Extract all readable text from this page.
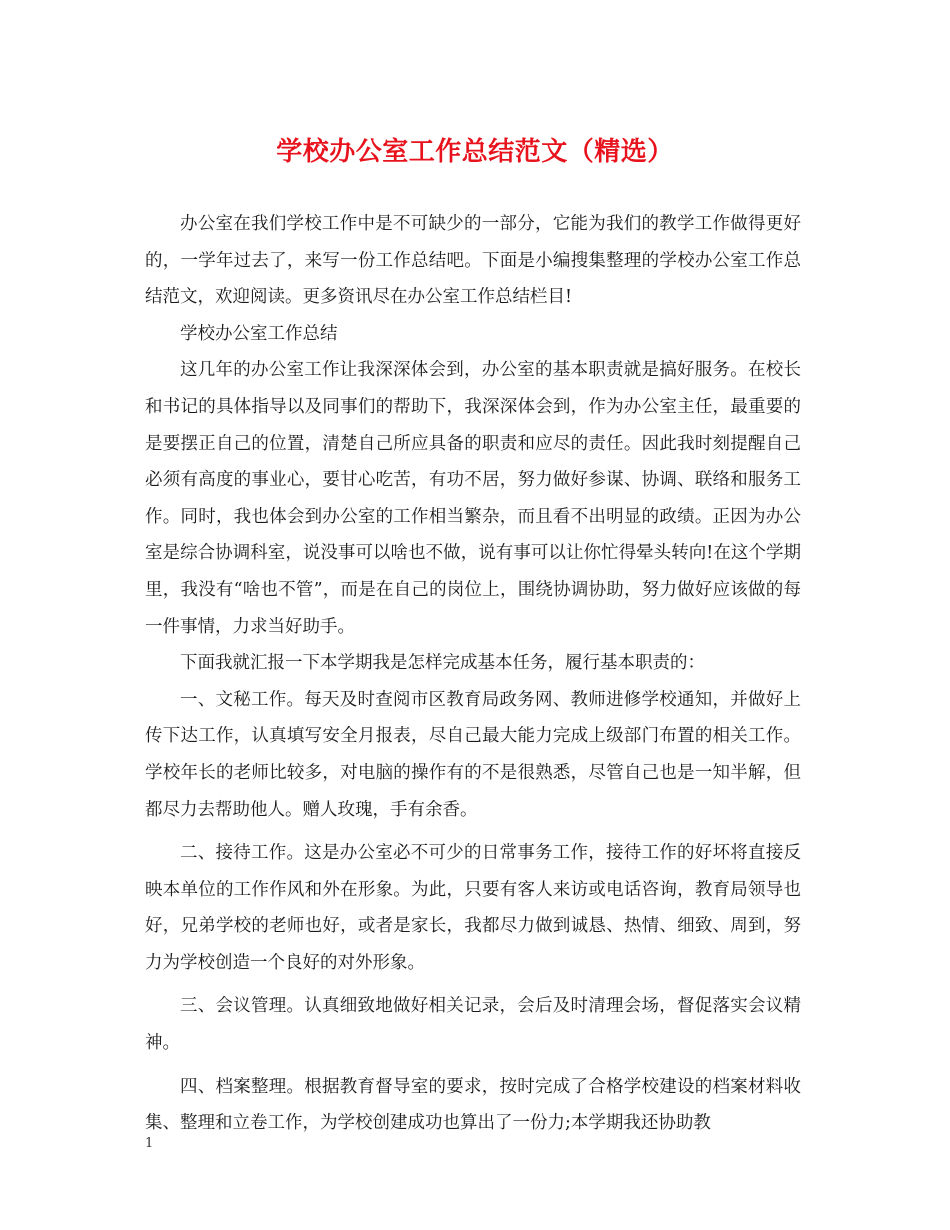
学校办公室工作总结范文（精选）

办公室在我们学校工作中是不可缺少的一部分，它能为我们的教学工作做得更好的，一学年过去了，来写一份工作总结吧。下面是小编搜集整理的学校办公室工作总结范文，欢迎阅读。更多资讯尽在办公室工作总结栏目!

学校办公室工作总结

这几年的办公室工作让我深深体会到，办公室的基本职责就是搞好服务。在校长和书记的具体指导以及同事们的帮助下，我深深体会到，作为办公室主任，最重要的是要摆正自己的位置，清楚自己所应具备的职责和应尽的责任。因此我时刻提醒自己必须有高度的事业心，要甘心吃苦，有功不居，努力做好参谋、协调、联络和服务工作。同时，我也体会到办公室的工作相当繁杂，而且看不出明显的政绩。正因为办公室是综合协调科室，说没事可以啥也不做，说有事可以让你忙得晕头转向!在这个学期里，我没有“啥也不管”，而是在自己的岗位上，围绕协调协助，努力做好应该做的每一件事情，力求当好助手。

下面我就汇报一下本学期我是怎样完成基本任务，履行基本职责的：

一、文秘工作。每天及时查阅市区教育局政务网、教师进修学校通知，并做好上传下达工作，认真填写安全月报表，尽自己最大能力完成上级部门布置的相关工作。学校年长的老师比较多，对电脑的操作有的不是很熟悉，尽管自己也是一知半解，但都尽力去帮助他人。赠人玫瑰，手有余香。

二、接待工作。这是办公室必不可少的日常事务工作，接待工作的好坏将直接反映本单位的工作作风和外在形象。为此，只要有客人来访或电话咨询，教育局领导也好，兄弟学校的老师也好，或者是家长，我都尽力做到诚恳、热情、细致、周到，努力为学校创造一个良好的对外形象。

三、会议管理。认真细致地做好相关记录，会后及时清理会场，督促落实会议精神。

四、档案整理。根据教育督导室的要求，按时完成了合格学校建设的档案材料收集、整理和立卷工作，为学校创建成功也算出了一份力;本学期我还协助教

1
